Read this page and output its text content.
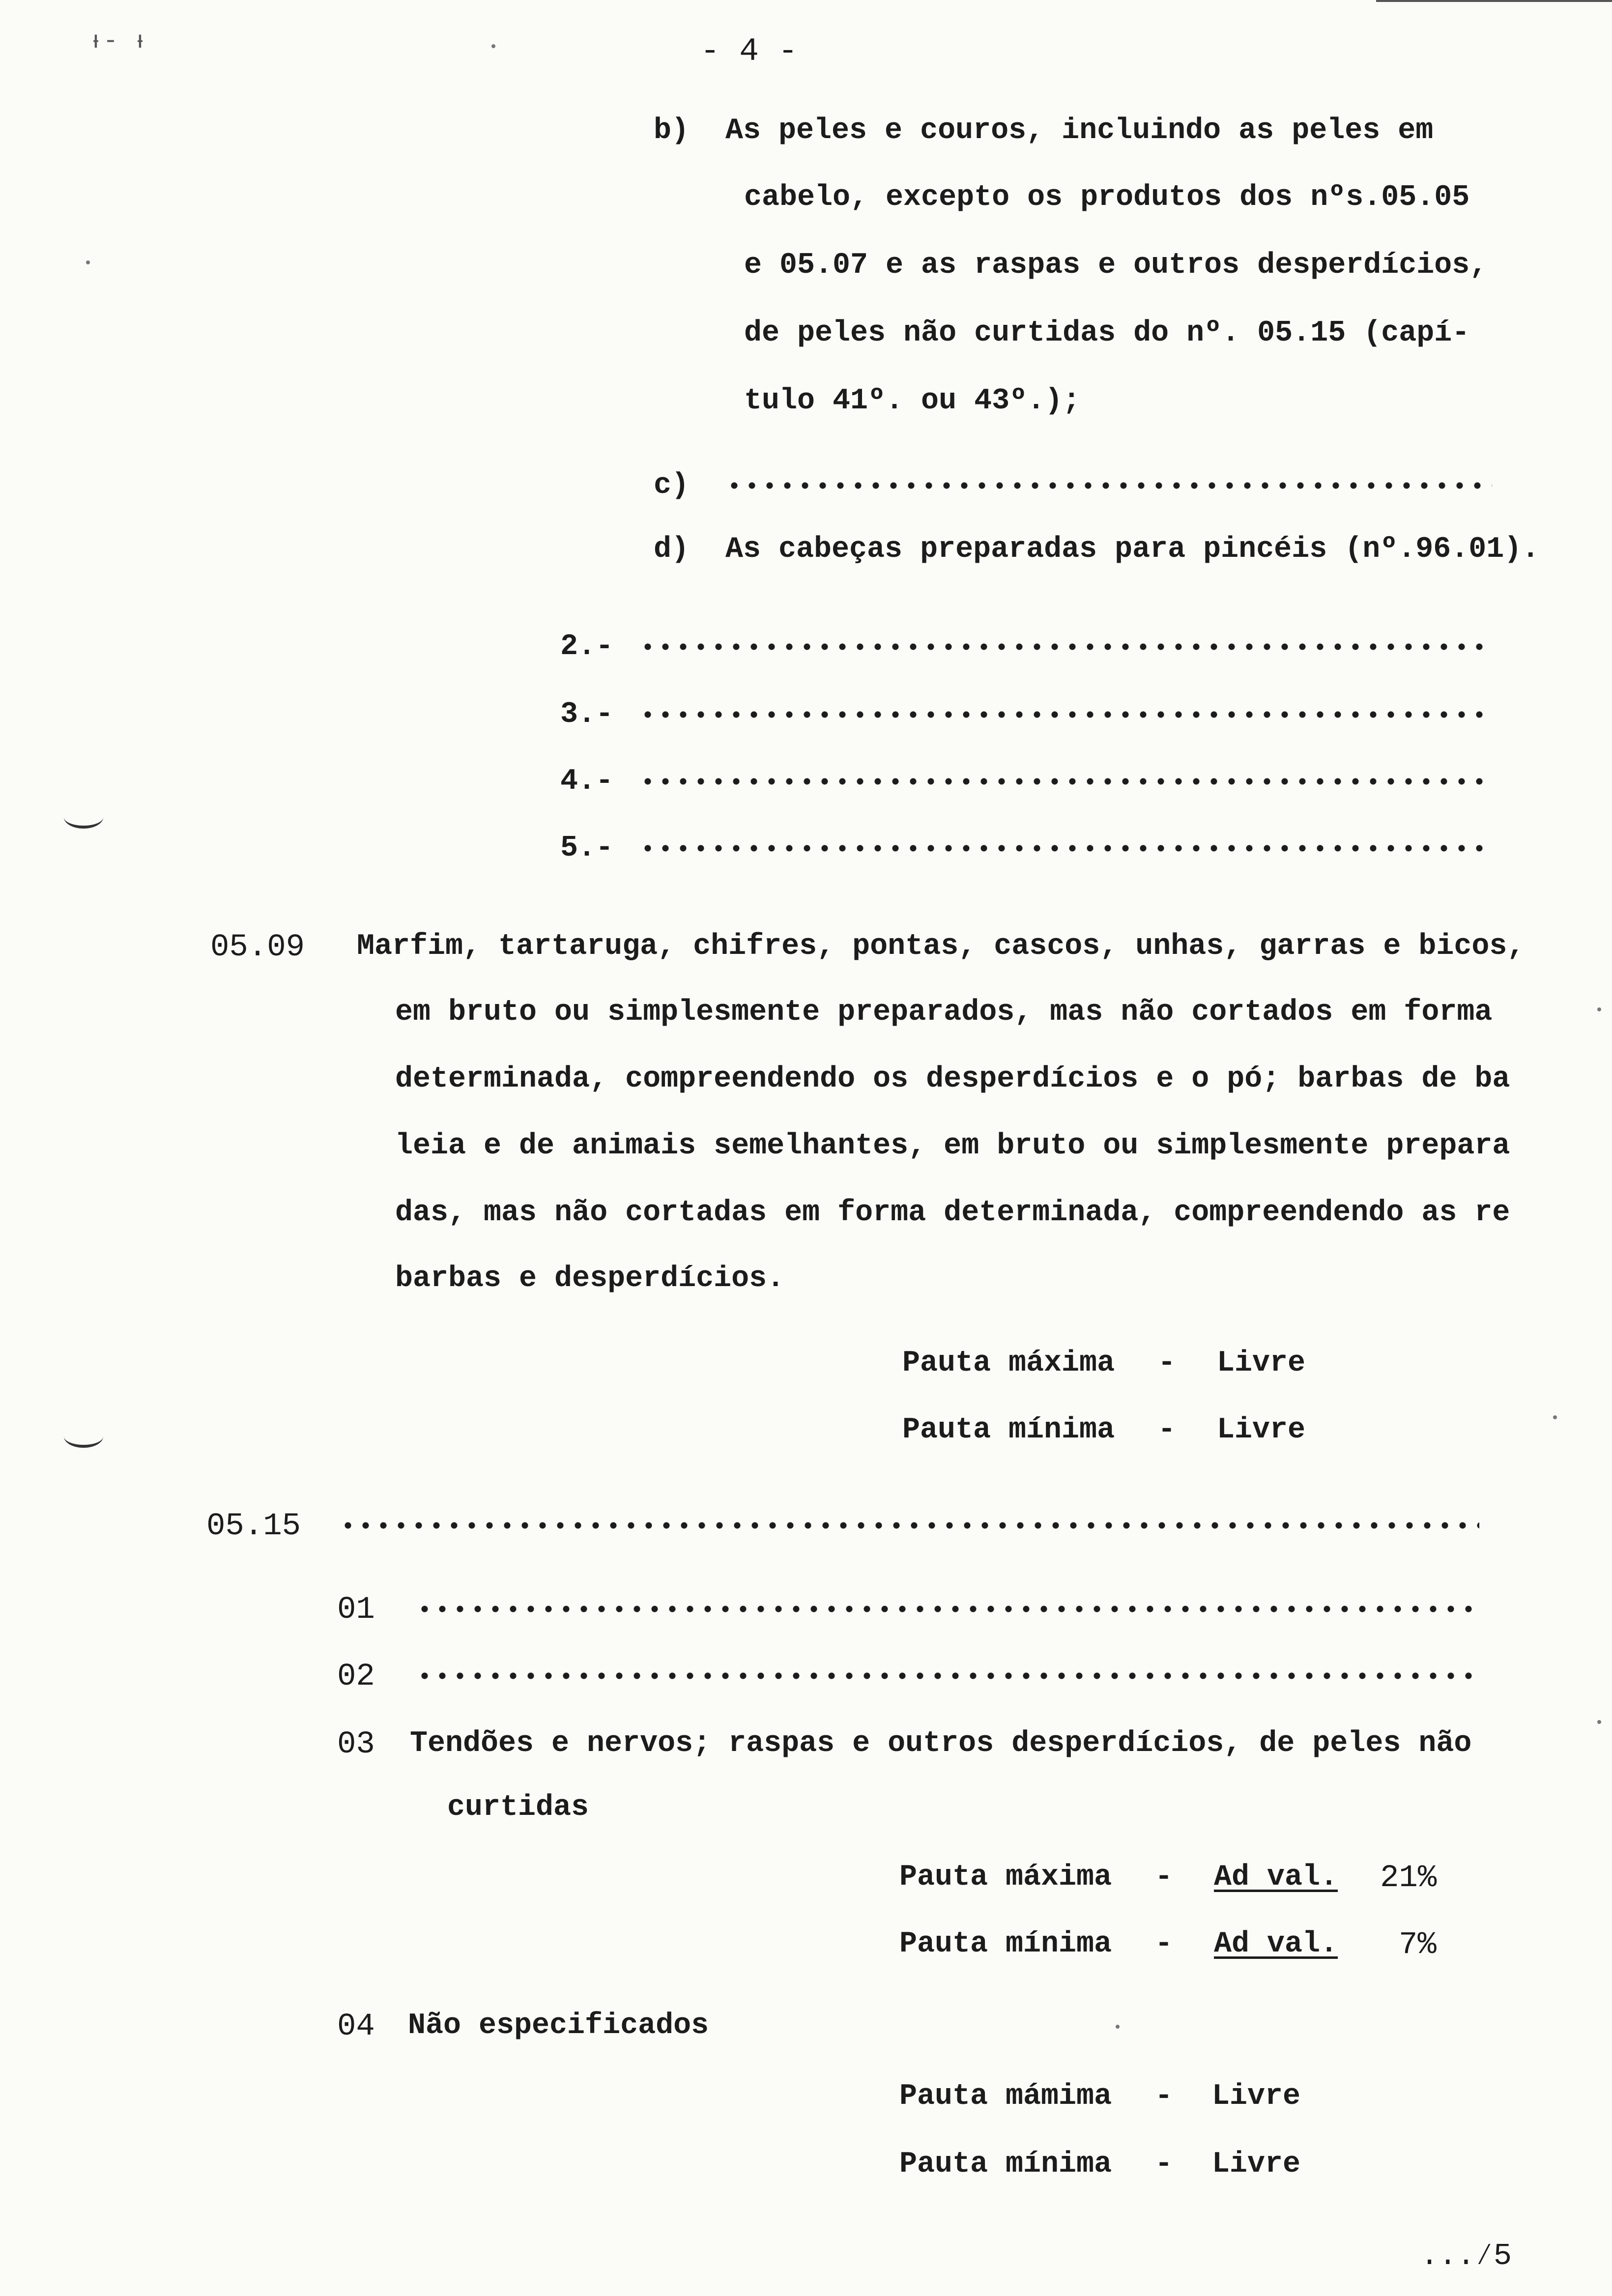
ᵻ- ᵼ	- 4 -
b) As peles e couros, incluindo as peles em
cabelo, excepto os produtos dos nºs.05.05
e 05.07 e as raspas e outros desperdícios,
de peles não curtidas do nº. 05.15 (capí-
tulo 41º. ou 43º.);
c)
d) As cabeças preparadas para pincéis (nº.96.01).
2.-
3.-
4.-
5.-
05.09 Marfim, tartaruga, chifres, pontas, cascos, unhas, garras e bicos,
em bruto ou simplesmente preparados, mas não cortados em forma
determinada, compreendendo os desperdícios e o pó; barbas de ba
leia e de animais semelhantes, em bruto ou simplesmente prepara
das, mas não cortadas em forma determinada, compreendendo as re
barbas e desperdícios.
Pauta máxima - Livre
Pauta mínima - Livre
05.15
01
02
03 Tendões e nervos; raspas e outros desperdícios, de peles não
curtidas
Pauta máxima - Ad val. 21%
Pauta mínima - Ad val. 7%
04 Não especificados
Pauta mámima - Livre
Pauta mínima - Livre
...⁄5
